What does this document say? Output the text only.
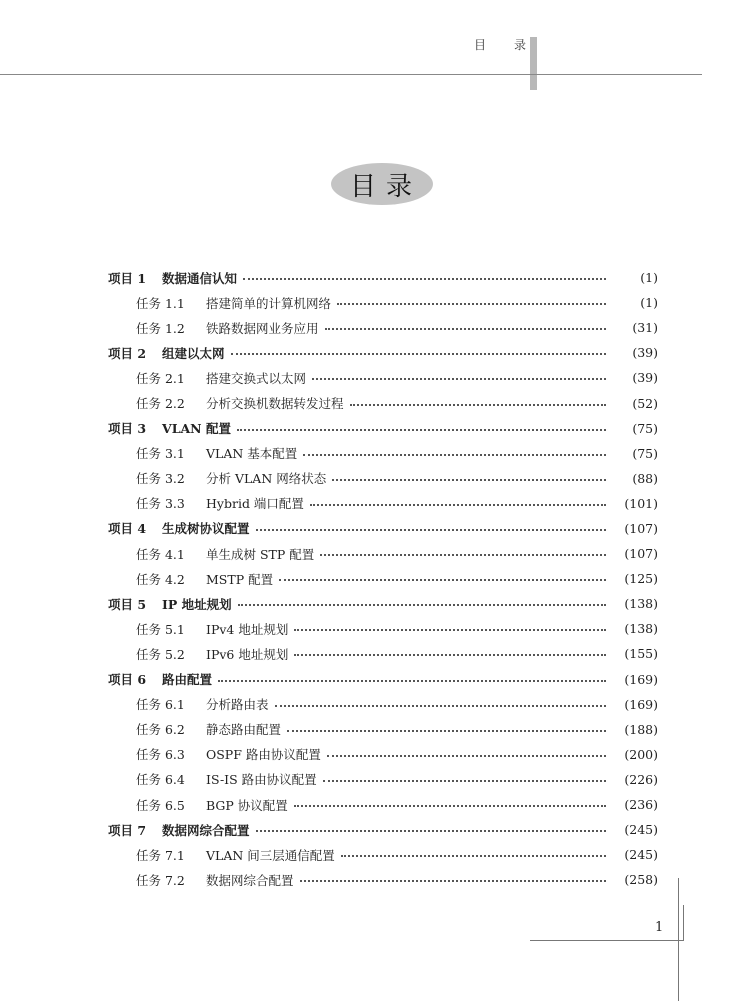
目 录
目录
项目 1	数据通信认知	(1)
任务 1.1	搭建简单的计算机网络	(1)
任务 1.2	铁路数据网业务应用	(31)
项目 2	组建以太网	(39)
任务 2.1	搭建交换式以太网	(39)
任务 2.2	分析交换机数据转发过程	(52)
项目 3	VLAN 配置	(75)
任务 3.1	VLAN 基本配置	(75)
任务 3.2	分析 VLAN 网络状态	(88)
任务 3.3	Hybrid 端口配置	(101)
项目 4	生成树协议配置	(107)
任务 4.1	单生成树 STP 配置	(107)
任务 4.2	MSTP 配置	(125)
项目 5	IP 地址规划	(138)
任务 5.1	IPv4 地址规划	(138)
任务 5.2	IPv6 地址规划	(155)
项目 6	路由配置	(169)
任务 6.1	分析路由表	(169)
任务 6.2	静态路由配置	(188)
任务 6.3	OSPF 路由协议配置	(200)
任务 6.4	IS-IS 路由协议配置	(226)
任务 6.5	BGP 协议配置	(236)
项目 7	数据网综合配置	(245)
任务 7.1	VLAN 间三层通信配置	(245)
任务 7.2	数据网综合配置	(258)
1
